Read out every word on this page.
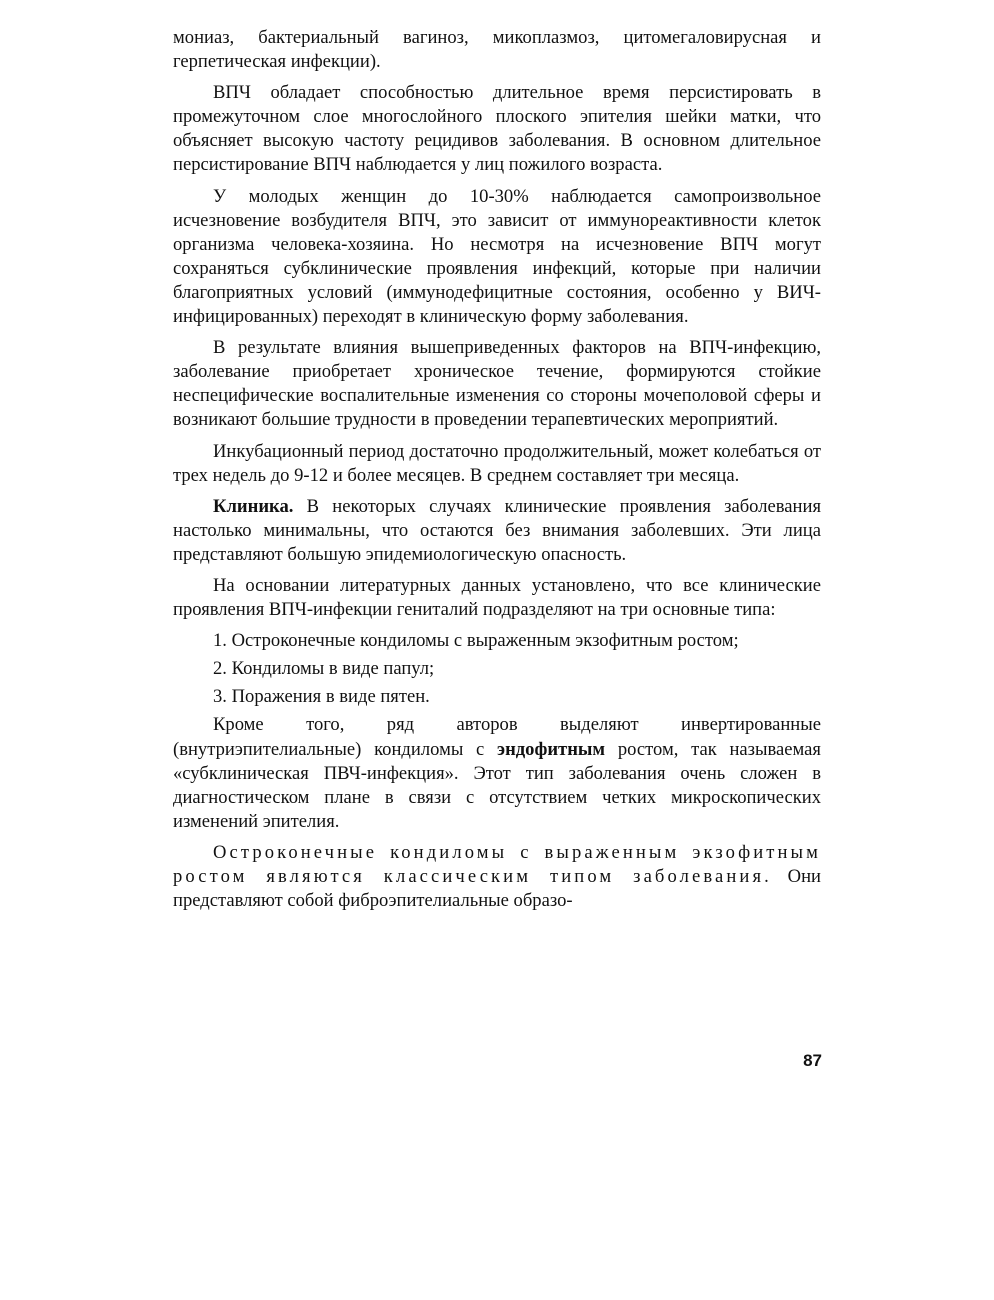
мониаз, бактериальный вагиноз, микоплазмоз, цитомегаловирусная и герпетическая инфекции).

ВПЧ обладает способностью длительное время персистировать в промежуточном слое многослойного плоского эпителия шейки матки, что объясняет высокую частоту рецидивов заболевания. В основном длительное персистирование ВПЧ наблюдается у лиц пожилого возраста.

У молодых женщин до 10-30% наблюдается самопроизвольное исчезновение возбудителя ВПЧ, это зависит от иммунореактивности клеток организма человека-хозяина. Но несмотря на исчезновение ВПЧ могут сохраняться субклинические проявления инфекций, которые при наличии благоприятных условий (иммунодефицитные состояния, особенно у ВИЧ-инфицированных) переходят в клиническую форму заболевания.

В результате влияния вышеприведенных факторов на ВПЧ-инфекцию, заболевание приобретает хроническое течение, формируются стойкие неспецифические воспалительные изменения со стороны мочеполовой сферы и возникают большие трудности в проведении терапевтических мероприятий.

Инкубационный период достаточно продолжительный, может колебаться от трех недель до 9-12 и более месяцев. В среднем составляет три месяца.

Клиника. В некоторых случаях клинические проявления заболевания настолько минимальны, что остаются без внимания заболевших. Эти лица представляют большую эпидемиологическую опасность.

На основании литературных данных установлено, что все клинические проявления ВПЧ-инфекции гениталий подразделяют на три основные типа:

1. Остроконечные кондиломы с выраженным экзофитным ростом;

2. Кондиломы в виде папул;

3. Поражения в виде пятен.

Кроме того, ряд авторов выделяют инвертированные (внутриэпителиальные) кондиломы с эндофитным ростом, так называемая «субклиническая ПВЧ-инфекция». Этот тип заболевания очень сложен в диагностическом плане в связи с отсутствием четких микроскопических изменений эпителия.

Остроконечные кондиломы с выраженным экзофитным ростом являются классическим типом заболевания. Они представляют собой фиброэпителиальные образо-

87
